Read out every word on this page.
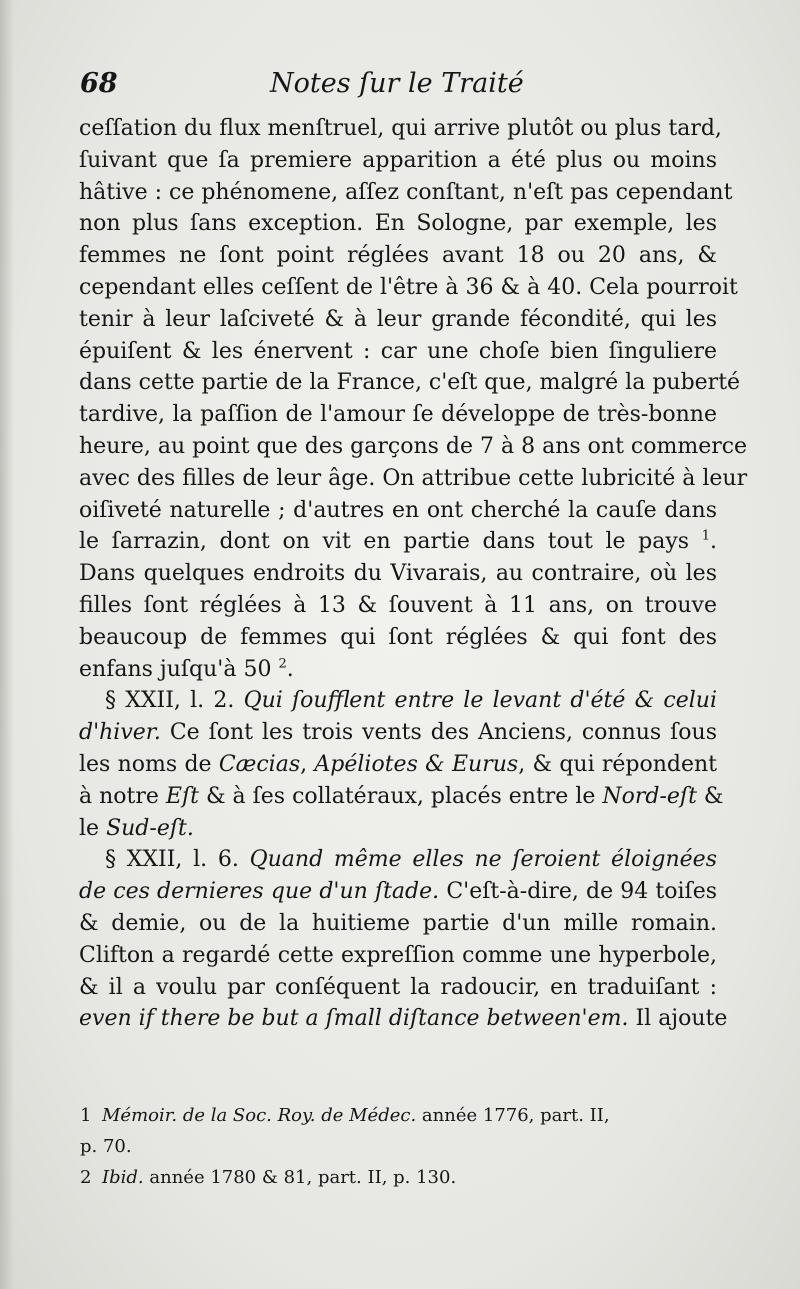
68	Notes ſur le Traité
ceſſation du flux menſtruel, qui arrive plutôt ou plus tard,
ſuivant que ſa premiere apparition a été plus ou moins
hâtive : ce phénomene, aſſez conſtant, n'eſt pas cependant
non plus ſans exception. En Sologne, par exemple, les
femmes ne ſont point réglées avant 18 ou 20 ans, &
cependant elles ceſſent de l'être à 36 & à 40. Cela pourroit
tenir à leur laſciveté & à leur grande fécondité, qui les
épuiſent & les énervent : car une choſe bien ſinguliere
dans cette partie de la France, c'eſt que, malgré la puberté
tardive, la paſſion de l'amour ſe développe de très-bonne
heure, au point que des garçons de 7 à 8 ans ont commerce
avec des filles de leur âge. On attribue cette lubricité à leur
oiſiveté naturelle ; d'autres en ont cherché la cauſe dans
le ſarrazin, dont on vit en partie dans tout le pays $^1$.
Dans quelques endroits du Vivarais, au contraire, où les
filles ſont réglées à 13 & ſouvent à 11 ans, on trouve
beaucoup de femmes qui ſont réglées & qui font des
enfans juſqu'à 50 $^2$.
§ XXII, l. 2. Qui ſoufflent entre le levant d'été & celui
d'hiver. Ce ſont les trois vents des Anciens, connus ſous
les noms de Cæcias, Apéliotes & Eurus, & qui répondent
à notre Eſt & à ſes collatéraux, placés entre le Nord-eſt &
le Sud-eſt.
§ XXII, l. 6. Quand même elles ne ſeroient éloignées
de ces dernieres que d'un ſtade. C'eſt-à-dire, de 94 toiſes
& demie, ou de la huitieme partie d'un mille romain.
Clifton a regardé cette expreſſion comme une hyperbole,
& il a voulu par conſéquent la radoucir, en traduiſant :
even if there be but a ſmall diſtance between'em. Il ajoute
1 Mémoir. de la Soc. Roy. de Médec. année 1776, part. II,
p. 70.
2 Ibid. année 1780 & 81, part. II, p. 130.
